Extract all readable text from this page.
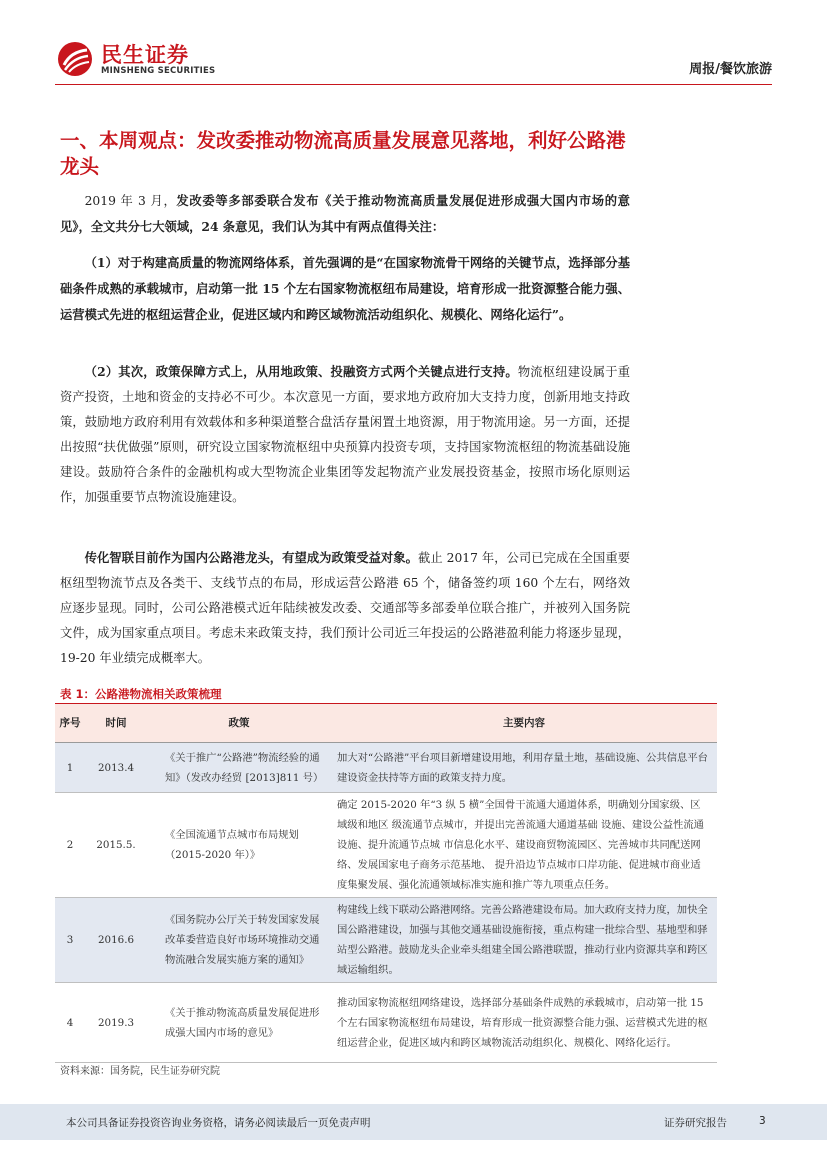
民生证券
MINSHENG SECURITIES	周报/餐饮旅游
一、本周观点：发改委推动物流高质量发展意见落地，利好公路港龙头
2019 年 3 月，发改委等多部委联合发布《关于推动物流高质量发展促进形成强大国内市场的意见》，全文共分七大领域，24 条意见，我们认为其中有两点值得关注：
（1）对于构建高质量的物流网络体系，首先强调的是“在国家物流骨干网络的关键节点，选择部分基础条件成熟的承载城市，启动第一批 15 个左右国家物流枢纽布局建设，培育形成一批资源整合能力强、运营模式先进的枢纽运营企业，促进区域内和跨区域物流活动组织化、规模化、网络化运行”。
（2）其次，政策保障方式上，从用地政策、投融资方式两个关键点进行支持。物流枢纽建设属于重资产投资，土地和资金的支持必不可少。本次意见一方面，要求地方政府加大支持力度，创新用地支持政策，鼓励地方政府利用有效载体和多种渠道整合盘活存量闲置土地资源，用于物流用途。另一方面，还提出按照“扶优做强”原则，研究设立国家物流枢纽中央预算内投资专项，支持国家物流枢纽的物流基础设施建设。鼓励符合条件的金融机构或大型物流企业集团等发起物流产业发展投资基金，按照市场化原则运作，加强重要节点物流设施建设。
传化智联目前作为国内公路港龙头，有望成为政策受益对象。截止 2017 年，公司已完成在全国重要枢纽型物流节点及各类干、支线节点的布局，形成运营公路港 65 个，储备签约项 160 个左右，网络效应逐步显现。同时，公司公路港模式近年陆续被发改委、交通部等多部委单位联合推广，并被列入国务院文件，成为国家重点项目。考虑未来政策支持，我们预计公司近三年投运的公路港盈利能力将逐步显现，19-20 年业绩完成概率大。
表 1：公路港物流相关政策梳理
序号	时间	政策	主要内容
1	2013.4	《关于推广“公路港”物流经验的通知》（发改办经贸 [2013]811 号）	加大对“公路港”平台项目新增建设用地，利用存量土地，基础设施、公共信息平台建设资金扶持等方面的政策支持力度。
2	2015.5.	《全国流通节点城市布局规划（2015-2020 年）》	确定 2015-2020 年“3 纵 5 横”全国骨干流通大通道体系，明确划分国家级、区域级和地区 级流通节点城市，并提出完善流通大通道基础 设施、建设公益性流通设施、提升流通节点城 市信息化水平、建设商贸物流园区、完善城市共同配送网络、发展国家电子商务示范基地、 提升沿边节点城市口岸功能、促进城市商业适 度集聚发展、强化流通领域标准实施和推广等九项重点任务。
3	2016.6	《国务院办公厅关于转发国家发展改革委营造良好市场环境推动交通物流融合发展实施方案的通知》	构建线上线下联动公路港网络。完善公路港建设布局。加大政府支持力度，加快全国公路港建设，加强与其他交通基础设施衔接，重点构建一批综合型、基地型和驿站型公路港。鼓励龙头企业牵头组建全国公路港联盟，推动行业内资源共享和跨区域运输组织。
4	2019.3	《关于推动物流高质量发展促进形成强大国内市场的意见》	推动国家物流枢纽网络建设，选择部分基础条件成熟的承载城市，启动第一批 15 个左右国家物流枢纽布局建设，培育形成一批资源整合能力强、运营模式先进的枢纽运营企业，促进区域内和跨区域物流活动组织化、规模化、网络化运行。
资料来源：国务院，民生证券研究院
本公司具备证券投资咨询业务资格，请务必阅读最后一页免责声明	证券研究报告	3
